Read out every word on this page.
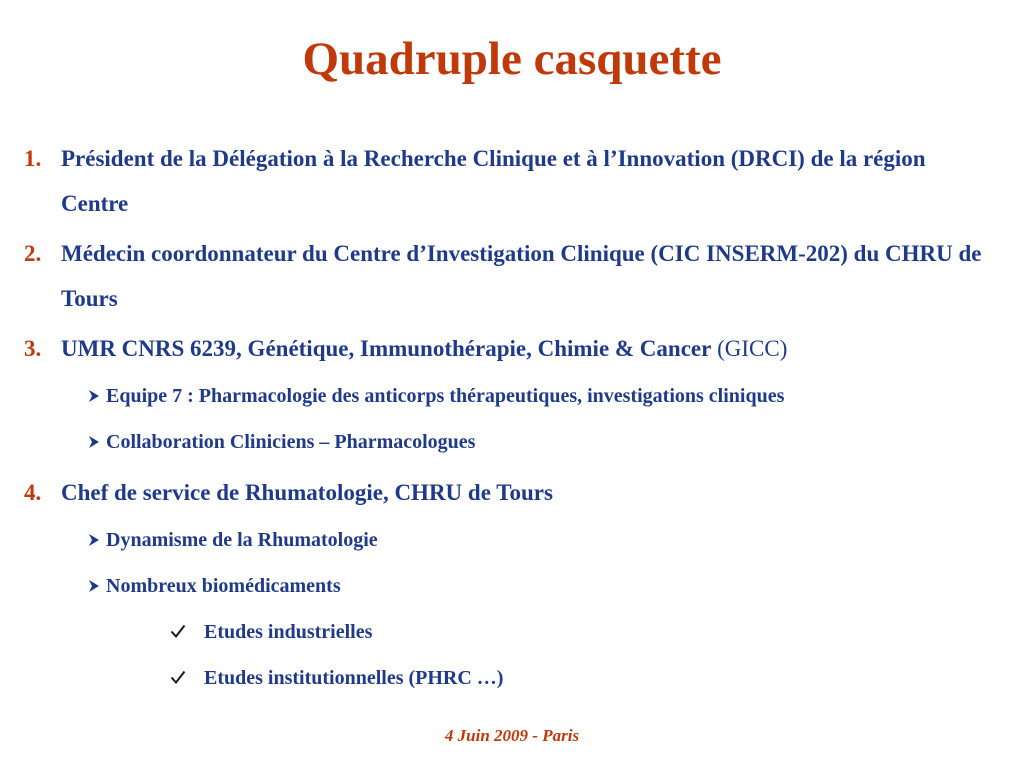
Quadruple casquette
1. Président de la Délégation à la Recherche Clinique et à l’Innovation (DRCI) de la région Centre
2. Médecin coordonnateur du Centre d’Investigation Clinique (CIC INSERM-202) du CHRU de Tours
3. UMR CNRS 6239, Génétique, Immunothérapie, Chimie & Cancer (GICC)
Equipe 7 : Pharmacologie des anticorps thérapeutiques, investigations cliniques
Collaboration Cliniciens – Pharmacologues
4. Chef de service de Rhumatologie, CHRU de Tours
Dynamisme de la Rhumatologie
Nombreux biomédicaments
Etudes industrielles
Etudes institutionnelles (PHRC …)
4 Juin 2009 - Paris
